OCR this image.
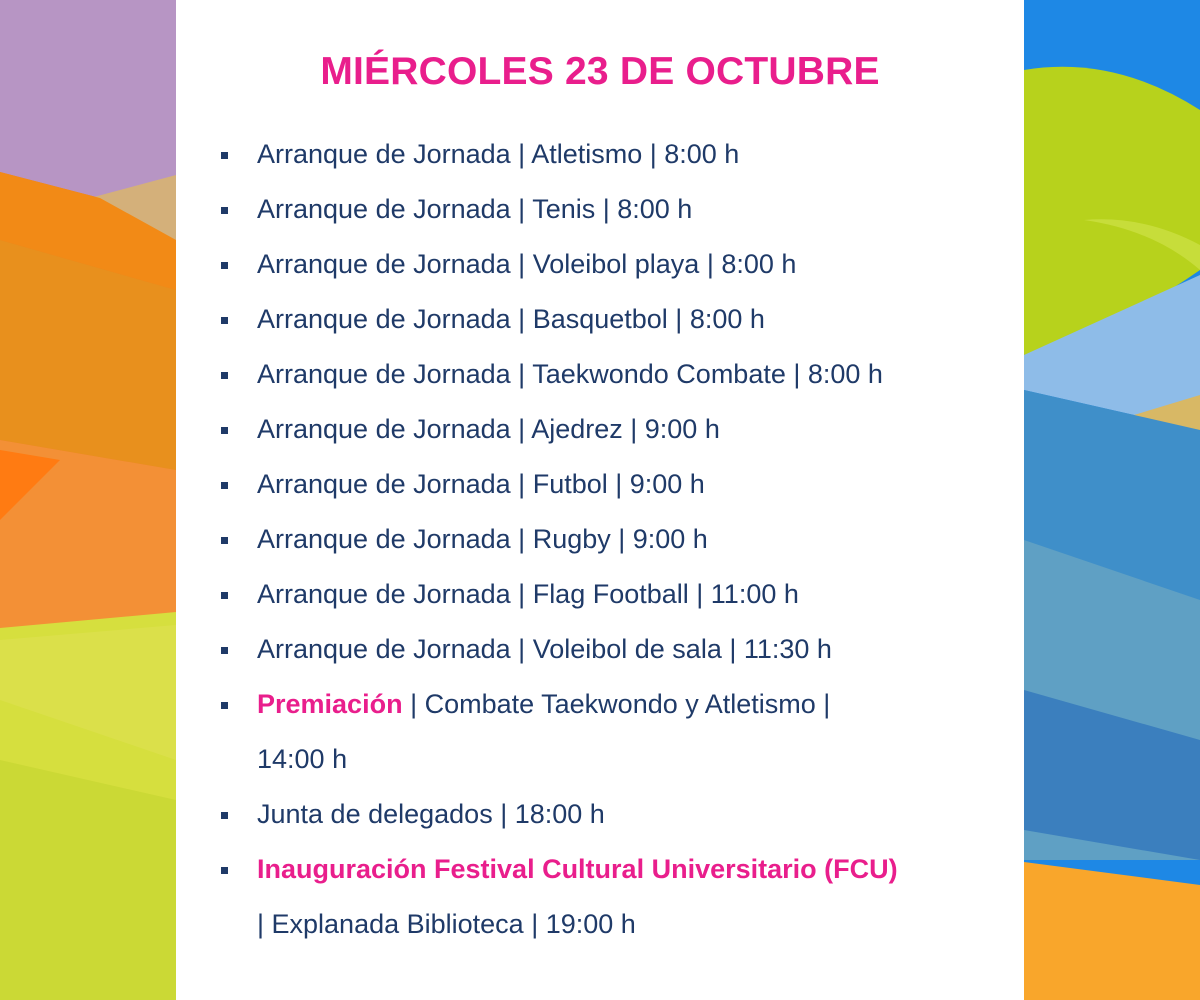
MIÉRCOLES 23 DE OCTUBRE
Arranque de Jornada | Atletismo | 8:00 h
Arranque de Jornada | Tenis | 8:00 h
Arranque de Jornada | Voleibol playa | 8:00 h
Arranque de Jornada | Basquetbol | 8:00 h
Arranque de Jornada | Taekwondo Combate | 8:00 h
Arranque de Jornada | Ajedrez | 9:00 h
Arranque de Jornada | Futbol | 9:00 h
Arranque de Jornada | Rugby | 9:00 h
Arranque de Jornada | Flag Football | 11:00 h
Arranque de Jornada | Voleibol de sala | 11:30 h
Premiación | Combate Taekwondo y Atletismo |
14:00 h
Junta de delegados | 18:00 h
Inauguración Festival Cultural Universitario (FCU)
| Explanada Biblioteca | 19:00 h
